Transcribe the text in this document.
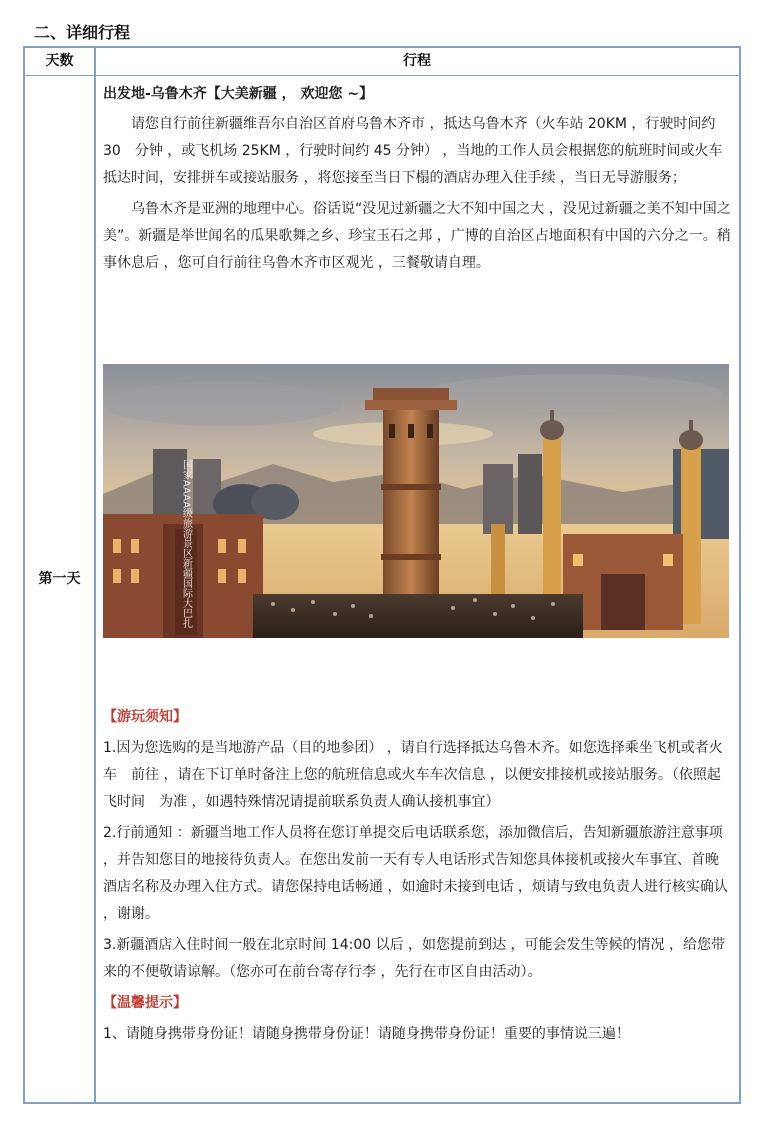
二、详细行程
天数	行程
第一天

出发地-乌鲁木齐【大美新疆 ， 欢迎您 ~】

请您自行前往新疆维吾尔自治区首府乌鲁木齐市 ，抵达乌鲁木齐（火车站 20KM ，行驶时间约 30　分钟 ，或飞机场 25KM ，行驶时间约 45 分钟） ，当地的工作人员会根据您的航班时间或火车抵达时间，安排拼车或接站服务 ，将您接至当日下榻的酒店办理入住手续 ，当日无导游服务；

乌鲁木齐是亚洲的地理中心。俗话说“没见过新疆之大不知中国之大 ，没见过新疆之美不知中国之美”。新疆是举世闻名的瓜果歌舞之乡、珍宝玉石之邦 ，广博的自治区占地面积有中国的六分之一。稍事休息后 ，您可自行前往乌鲁木齐市区观光 ，三餐敬请自理。

国家AAAA级旅游景区新疆国际大巴扎

【游玩须知】

1.因为您选购的是当地游产品（目的地参团） ，请自行选择抵达乌鲁木齐。如您选择乘坐飞机或者火车　前往 ，请在下订单时备注上您的航班信息或火车车次信息 ，以便安排接机或接站服务。（依照起飞时间　为准 ，如遇特殊情况请提前联系负责人确认接机事宜）

2.行前通知 ：新疆当地工作人员将在您订单提交后电话联系您，添加微信后，告知新疆旅游注意事项 ，并告知您目的地接待负责人。在您出发前一天有专人电话形式告知您具体接机或接火车事宜、首晚酒店名称及办理入住方式。请您保持电话畅通 ，如逾时未接到电话 ，烦请与致电负责人进行核实确认 ，谢谢。

3.新疆酒店入住时间一般在北京时间 14:00 以后 ，如您提前到达 ，可能会发生等候的情况 ，给您带来的不便敬请谅解。（您亦可在前台寄存行李 ，先行在市区自由活动）。

【温馨提示】

1、请随身携带身份证！请随身携带身份证！请随身携带身份证！重要的事情说三遍！
